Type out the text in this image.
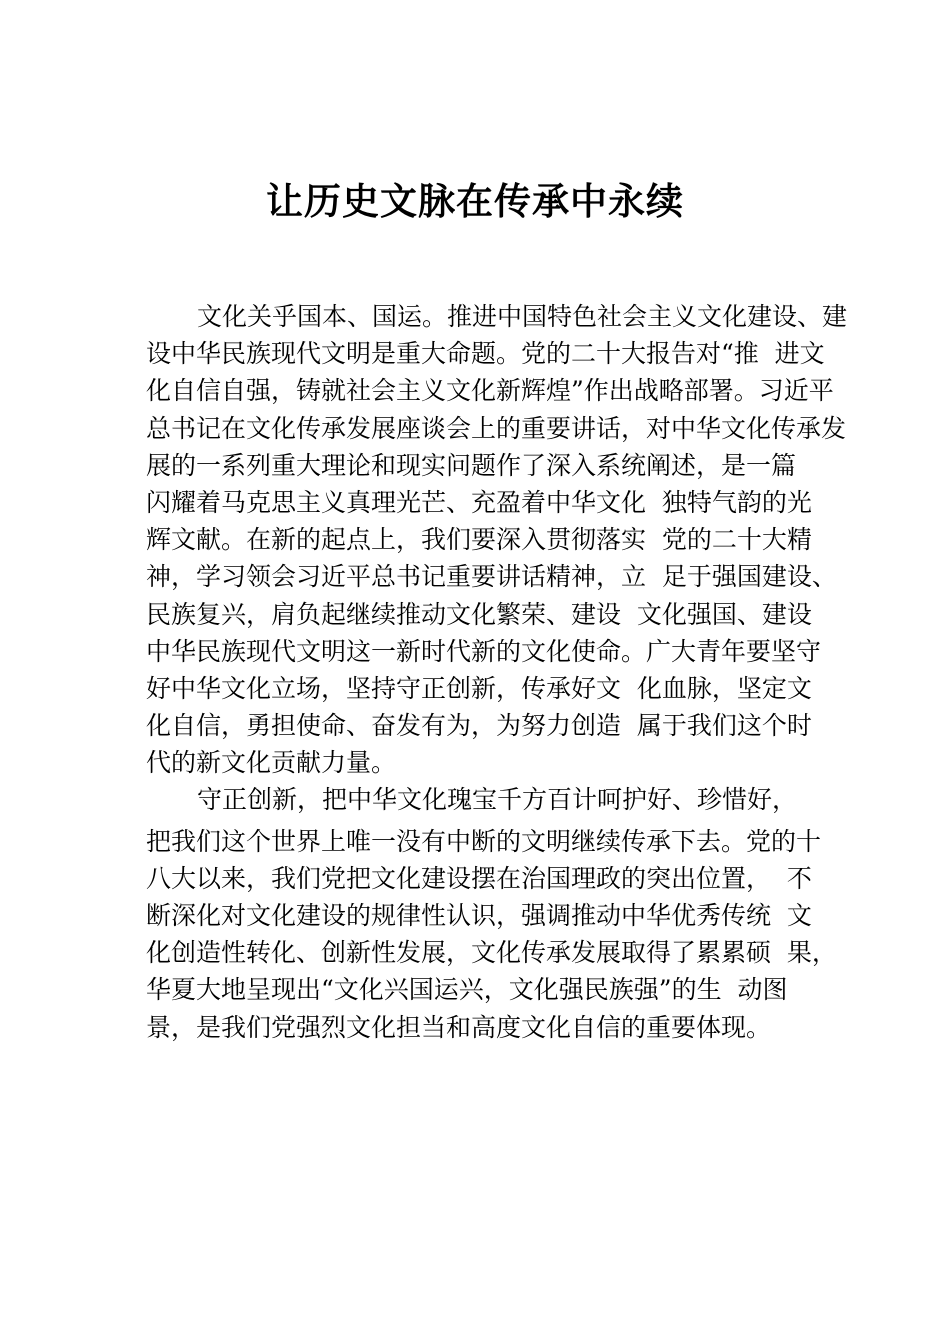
让历史文脉在传承中永续

文化关乎国本、国运。推进中国特色社会主义文化建设、建

设中华民族现代文明是重大命题。党的二十大报告对“推  进文

化自信自强，铸就社会主义文化新辉煌”作出战略部署。习近平

总书记在文化传承发展座谈会上的重要讲话，对中华文化传承发

展的一系列重大理论和现实问题作了深入系统阐述，是一篇

闪耀着马克思主义真理光芒、充盈着中华文化  独特气韵的光

辉文献。在新的起点上，我们要深入贯彻落实  党的二十大精

神，学习领会习近平总书记重要讲话精神，立  足于强国建设、

民族复兴，肩负起继续推动文化繁荣、建设  文化强国、建设

中华民族现代文明这一新时代新的文化使命。广大青年要坚守

好中华文化立场，坚持守正创新，传承好文  化血脉，坚定文

化自信，勇担使命、奋发有为，为努力创造  属于我们这个时

代的新文化贡献力量。

守正创新，把中华文化瑰宝千方百计呵护好、珍惜好，

把我们这个世界上唯一没有中断的文明继续传承下去。党的十

八大以来，我们党把文化建设摆在治国理政的突出位置，  不

断深化对文化建设的规律性认识，强调推动中华优秀传统  文

化创造性转化、创新性发展，文化传承发展取得了累累硕  果，

华夏大地呈现出“文化兴国运兴，文化强民族强”的生  动图

景，是我们党强烈文化担当和高度文化自信的重要体现。
